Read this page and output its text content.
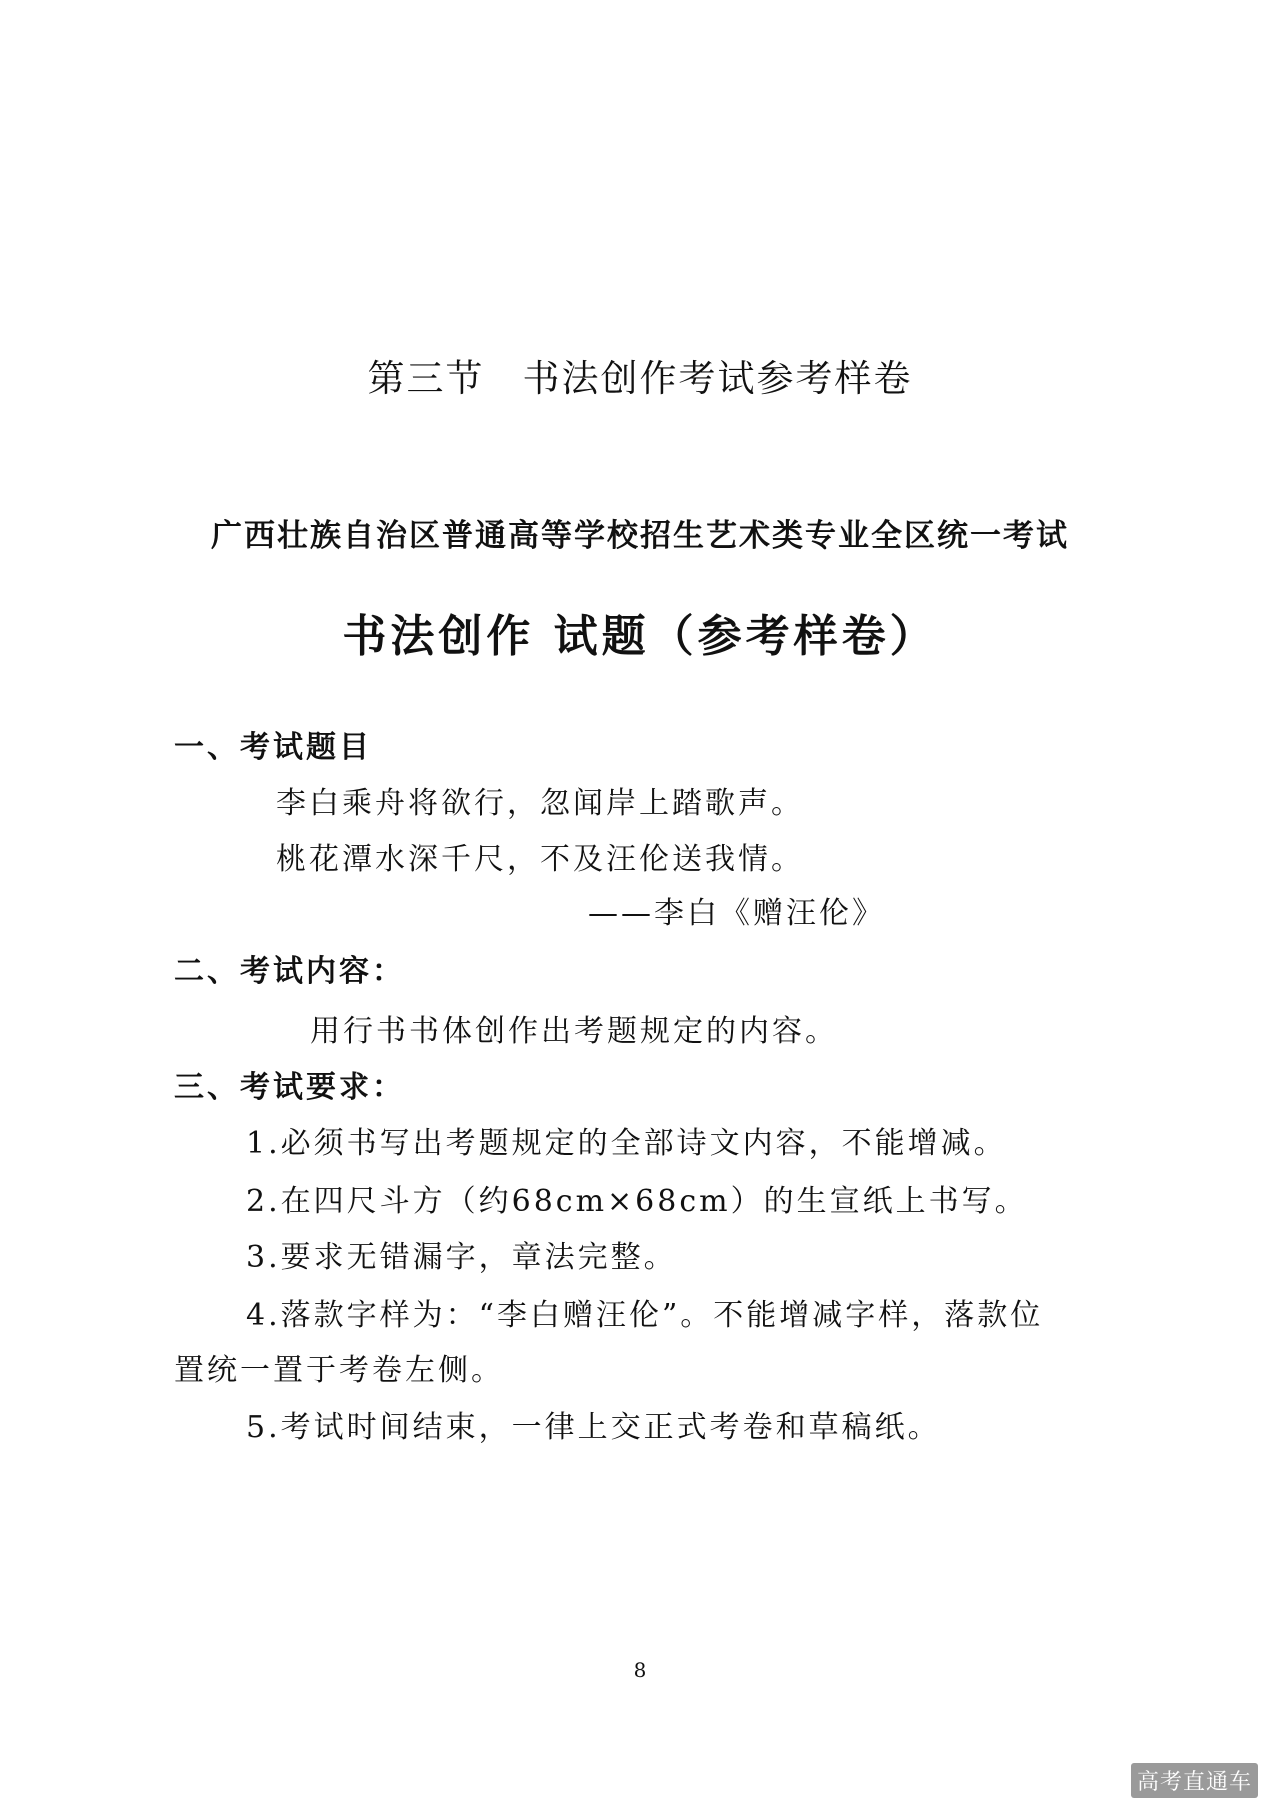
第三节 书法创作考试参考样卷

广西壮族自治区普通高等学校招生艺术类专业全区统一考试

书法创作 试题（参考样卷）

一、考试题目

李白乘舟将欲行，忽闻岸上踏歌声。

桃花潭水深千尺，不及汪伦送我情。

——李白《赠汪伦》

二、考试内容：

用行书书体创作出考题规定的内容。

三、考试要求：

1.必须书写出考题规定的全部诗文内容，不能增减。

2.在四尺斗方（约68cm×68cm）的生宣纸上书写。

3.要求无错漏字，章法完整。

4.落款字样为：“李白赠汪伦”。不能增减字样，落款位

置统一置于考卷左侧。

5.考试时间结束，一律上交正式考卷和草稿纸。

8

高考直通车
